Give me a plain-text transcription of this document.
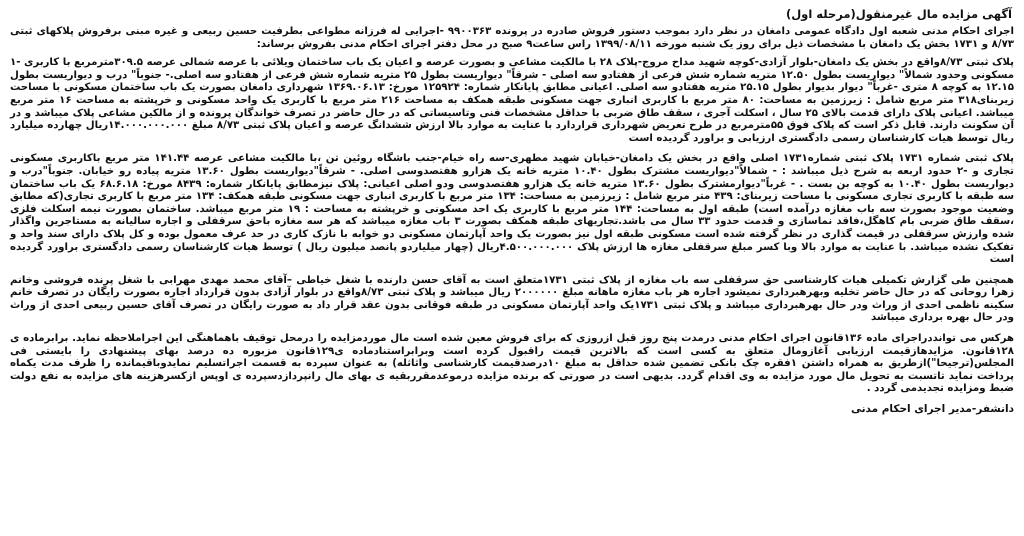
آگهی مزایده مال غیرمنقول(مرحله اول)

اجرای احکام مدنی شعبه اول دادگاه عمومی دامغان در نظر دارد بموجب دستور فروش صادره در پرونده ۹۹۰۰۳۶۳ -اجرایی له فرزانه مطواعی بطرفیت حسین ربیعی و غیره مبنی برفروش پلاکهای ثبتی ۸/۷۳ و ۱۷۳۱ بخش یک دامغان با مشخصات ذیل برای روز یک شنبه مورخه ۱۳۹۹/۰۸/۱۱ راس ساعت۹ صبح در محل دفتر اجرای احکام مدنی بفروش برساند:

پلاک ثبتی ۸/۷۳واقع در بخش یک دامغان-بلوار آزادی-کوچه شهید مداح مروج-پلاک ۲۸ با مالکیت مشاعی و بصورت عرصه و اعیان یک باب ساختمان ویلائی با عرصه شمالی عرصه ۳۰۹.۵مترمربع با کاربری -۱ مسکونی وحدود شمالاً" دیواریست بطول ۱۲.۵۰ متریه شماره شش فرعی از هفتادو سه اصلی - شرقاً" دیواریست بطول ۲۵ متریه شماره شش فرعی از هفتادو سه اصلی.- جنوباً" درب و دیواریست بطول ۱۲.۱۵ به کوچه ۸ متری -غرباً" دیوار بدیوار بطول ۲۵.۱۵ متریه هفتادو سه اصلی. اعیانی مطابق پایانکار شماره: ۱۲۵۹۲۴ مورخ: ۱۳۶۹.۰۶.۱۳ شهرداری دامغان بصورت یک باب ساختمان مسکونی با مساحت زیربنای۳۱۸ متر مربع شامل : زیرزمین به مساحت: ۸۰ متر مربع با کاربری انباری جهت مسکونی طبقه همکف به مساحت ۲۱۶ متر مربع با کاربری یک واحد مسکونی و خرپشته به مساحت ۱۶ متر مربع میباشد. اعیانی پلاک دارای قدمت بالای ۲۵ سال ، اسکلت آجری ، سقف طاق ضربی با حداقل مشخصات فنی وتاسیساتی که در حال حاضر در تصرف خواندگان پرونده و از مالکین مشاعی پلاک میباشد و در آن سکونت دارند. قابل ذکر است که پلاک فوق ۵۵مترمربع در طرح تعریض شهرداری قراردارد با عنایت به موارد بالا ارزش ششدانگ عرصه و اعیان پلاک ثبتی ۸/۷۳ مبلغ ۱۴.۰۰۰.۰۰۰.۰۰۰ریال چهارده میلیارد ریال توسط هیات کارشناسان رسمی دادگستری ارزیابی و براورد گردیده است

پلاک ثبتی شماره ۱۷۳۱ پلاک ثبتی شماره۱۷۳۱ اصلی واقع در بخش یک دامغان-خیابان شهید مطهری-سه راه خیام-جنب باشگاه روئین تن ،با مالکیت مشاعی عرصه ۱۴۱.۴۴ متر مربع باکاربری مسکونی تجاری و -۲ حدود اربعه به شرح ذیل میباشد : - شمالاً"دیواریست مشترک بطول ۱۰.۴۰ متریه خانه یک هزارو هفتصدوسی اصلی. - شرقاً"دیواریست بطول ۱۳.۶۰ متریه پیاده رو خیابان. جنوباً"درب و دیواریست بطول ۱۰.۴۰ به کوچه بن بست . - غرباً"دیوارمشترک بطول ۱۳.۶۰ متریه خانه یک هزارو هفتصدوسی ودو اصلی اعیانی: پلاک نیزمطابق پایانکار شماره: ۸۴۳۹ مورخ: ۶۸.۶.۱۸ یک باب ساختمان سه طبقه با کاربری تجاری مسکونی با مساحت زیربنای: ۴۳۹ متر مربع شامل : زیرزمین به مساحت: ۱۳۴ متر مربع با کاربری انباری جهت مسکونی طبقه همکف: ۱۳۴ متر مربع با کاربری تجاری(که مطابق وضعیت موجود بصورت سه باب مغازه درآمده است) طبقه اول به مساحت: ۱۴۴ متر مربع با کاربری یک احد مسکونی و خرپشته به مساحت : ۱۹ متر مربع میباشد. ساختمان بصورت نیمه اسکلت فلزی ،سقف طاق ضربی بام کاهگل،فاقد نماسازی و قدمت حدود ۳۳ سال می باشد.تجاریهای طبقه همکف بصورت ۳ باب مغازه میباشد که هر سه مغازه باحق سرقفلی و اجاره سالیانه به مستاجرین واگذار شده وارزش سرقفلی در قیمت گذاری در نظر گرفته شده است مسکونی طبقه اول نیز بصورت یک واحد آپارتمان مسکونی دو خوابه با نازک کاری در حد عرف معمول بوده و کل پلاک دارای سند واحد و تفکیک نشده میباشد. با عنایت به موارد بالا وبا کسر مبلغ سرقفلی مغازه ها ارزش پلاک ۴.۵۰۰.۰۰۰.۰۰۰ریال (چهار میلیاردو پانصد میلیون ریال ) توسط هیات کارشناسان رسمی دادگستری براورد گردیده است

همچنین طی گزارش تکمیلی هیات کارشناسی حق سرقفلی سه باب مغازه از پلاک ثبتی ۱۷۳۱متعلق است به آقای حسن دارنده با شغل خیاطی –آقای محمد مهدی مهرابی با شغل پرنده فروشی وخانم زهرا روحانی که در حال حاضر تخلیه وبهرهبرداری نمیشود اجاره هر باب مغازه ماهانه مبلغ ۲۰۰۰۰۰۰ ریال میباشد و پلاک ثبتی ۸/۷۳واقع در بلوار آزادی بدون قرارداد اجاره بصورت رایگان در تصرف خانم سکینه ناظمی احدی از وراث ودر حال بهرهبرداری میباشد و پلاک ثبتی ۱۷۳۱یک واحد آپارتمان مسکونی در طبقه فوقانی بدون عقد قرار داد به صورت رایگان در تصرف آقای حسین ربیعی احدی از وراث ودر حال بهره برداری میباشد

هرکس می توانددراجرای ماده ۱۳۶قانون اجرای احکام مدنی درمدت پنج روز قبل ازروزی که برای فروش معین شده است مال موردمزایده را درمحل توقیف باهماهنگی این اجراملاحظه نماید. برابرماده ی ۱۲۸قانون. مزایدهازقیمت ارزیابی آغازومال متعلق به کسی است که بالاترین قیمت راقبول کرده است وبرابراستنادماده ی۱۲۹قانون مزبوره ده درصد بهای پیشنهادی را بایستی فی المجلس(ترجیحا")ازطریق به همراه داشتن ۱فقره چک بانکی تضمین شده حداقل به مبلغ ۱۰درصدقیمت کارشناسی واثاثله) به عنوان سپرده به قسمت اجراتسلیم نمایدوباقیمانده را ظرف مدت یکماه پرداخت نماید تاتسبت به تحویل مال مورد مزایده به وی اقدام گردد. بدیهی است در صورتی که برنده مزایده درموعدمقرربقیه ی بهای مال رانپردازدسپرده ی اوپس ازکسرهزینه های مزایده به نفع دولت ضبط ومزایده تجدیدمی گردد .

دانشفر-مدیر اجرای احکام مدنی
